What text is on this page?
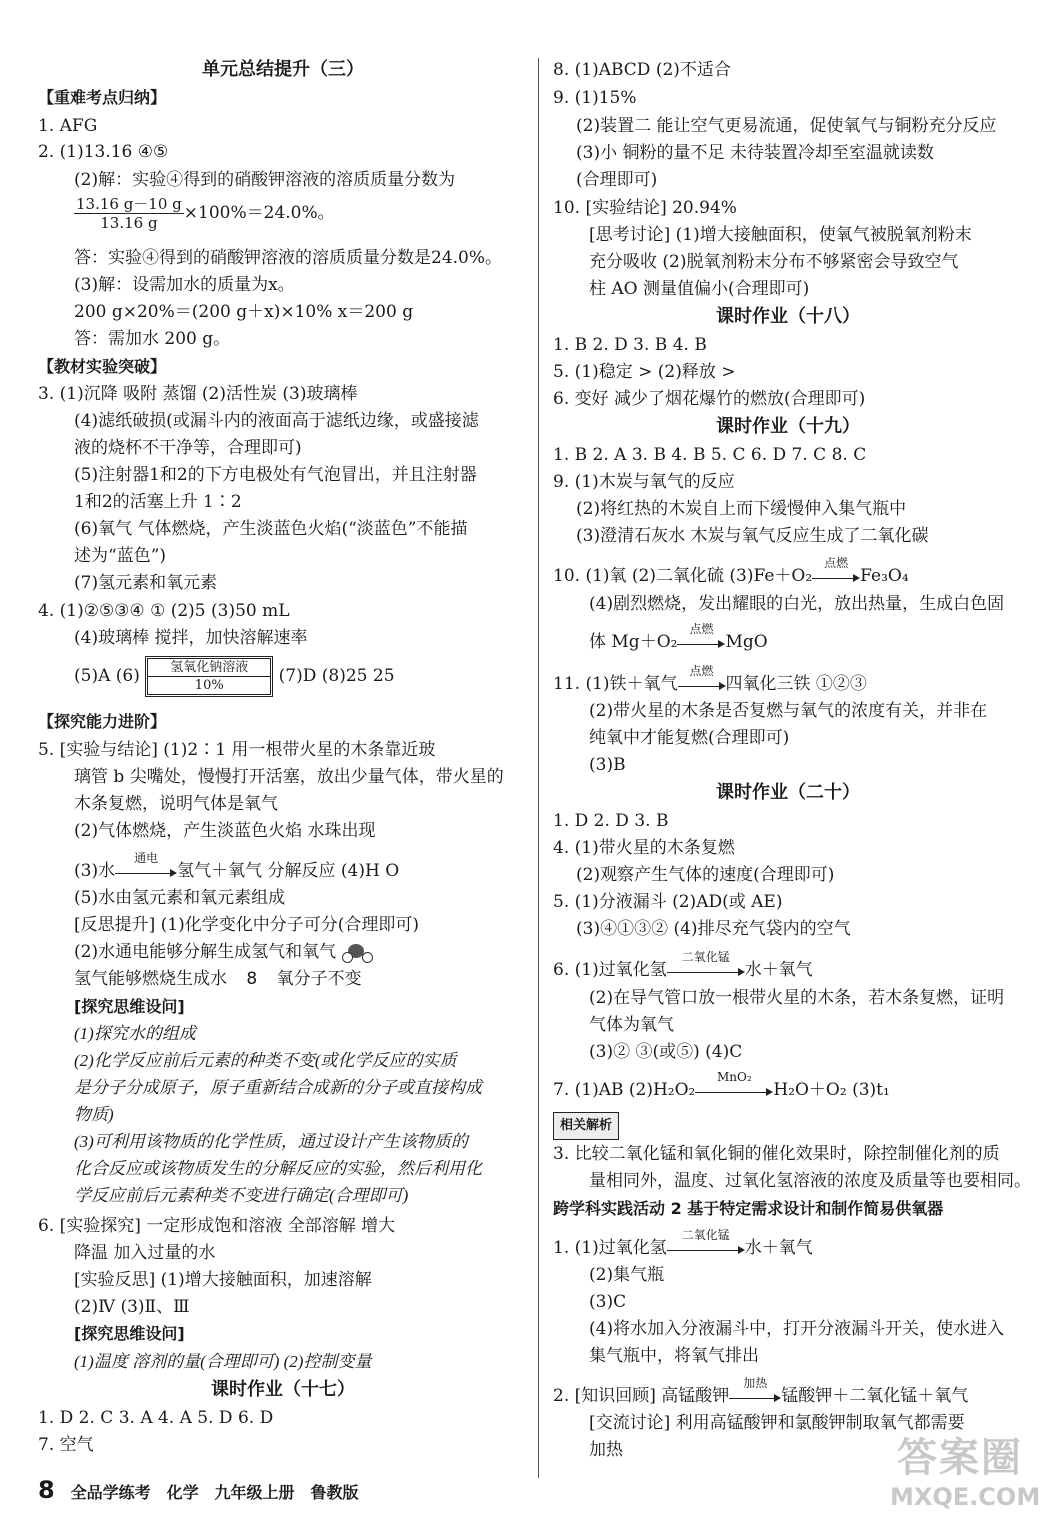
单元总结提升（三）
【重难考点归纳】
1. AFG
2. (1)13.16 ④⑤
(2)解：实验④得到的硝酸钾溶液的溶质质量分数为
$\frac{13.16 g-10 g}{13.16 g} \times 100\%=24.0\%$。
答：实验④得到的硝酸钾溶液的溶质质量分数是24.0%。
(3)解：设需加水的质量为x。
200 g×20%＝(200 g＋x)×10% x＝200 g
答：需加水 200 g。
【教材实验突破】
3. (1)沉降 吸附 蒸馏 (2)活性炭 (3)玻璃棒
(4)滤纸破损(或漏斗内的液面高于滤纸边缘，或盛接滤
液的烧杯不干净等，合理即可)
(5)注射器1和2的下方电极处有气泡冒出，并且注射器
1和2的活塞上升 1∶2
(6)氧气 气体燃烧，产生淡蓝色火焰(“淡蓝色”不能描
述为“蓝色”)
(7)氢元素和氧元素
4. (1)②⑤③④ ① (2)5 (3)50 mL
(4)玻璃棒 搅拌，加快溶解速率
(5)A (6)	氢氧化钠溶液
10%	(7)D (8)25 25
【探究能力进阶】
5. [实验与结论] (1)2∶1 用一根带火星的木条靠近玻
璃管 b 尖嘴处，慢慢打开活塞，放出少量气体，带火星的
木条复燃，说明气体是氧气
(2)气体燃烧，产生淡蓝色火焰 水珠出现
(3)水
通电
氢气＋氧气 分解反应 (4)H O
(5)水由氢元素和氧元素组成
[反思提升] (1)化学变化中分子可分(合理即可)
(2)水通电能够分解生成氢气和氧气
氢气能够燃烧生成水 8 氧分子不变
[探究思维设问]
(1)探究水的组成
(2)化学反应前后元素的种类不变(或化学反应的实质
是分子分成原子，原子重新结合成新的分子或直接构成
物质)
(3)可利用该物质的化学性质，通过设计产生该物质的
化合反应或该物质发生的分解反应的实验，然后利用化
学反应前后元素种类不变进行确定(合理即可)
6. [实验探究] 一定形成饱和溶液 全部溶解 增大
降温 加入过量的水
[实验反思] (1)增大接触面积，加速溶解
(2)Ⅳ (3)Ⅱ、Ⅲ
[探究思维设问]
(1)温度 溶剂的量(合理即可) (2)控制变量
课时作业（十七）
1. D 2. C 3. A 4. A 5. D 6. D
7. 空气
8. (1)ABCD (2)不适合
9. (1)15%
(2)装置二 能让空气更易流通，促使氧气与铜粉充分反应
(3)小 铜粉的量不足 未待装置冷却至室温就读数
(合理即可)
10. [实验结论] 20.94%
[思考讨论] (1)增大接触面积，使氧气被脱氧剂粉末
充分吸收 (2)脱氧剂粉末分布不够紧密会导致空气
柱 AO 测量值偏小(合理即可)
课时作业（十八）
1. B 2. D 3. B 4. B
5. (1)稳定 > (2)释放 >
6. 变好 减少了烟花爆竹的燃放(合理即可)
课时作业（十九）
1. B 2. A 3. B 4. B 5. C 6. D 7. C 8. C
9. (1)木炭与氧气的反应
(2)将红热的木炭自上而下缓慢伸入集气瓶中
(3)澄清石灰水 木炭与氧气反应生成了二氧化碳
10. (1)氧 (2)二氧化硫 (3)Fe＋O₂
点燃
Fe₃O₄
(4)剧烈燃烧，发出耀眼的白光，放出热量，生成白色固
体 Mg＋O₂
点燃
MgO
11. (1)铁＋氧气
点燃
四氧化三铁 ①②③
(2)带火星的木条是否复燃与氧气的浓度有关，并非在
纯氧中才能复燃(合理即可)
(3)B
课时作业（二十）
1. D 2. D 3. B
4. (1)带火星的木条复燃
(2)观察产生气体的速度(合理即可)
5. (1)分液漏斗 (2)AD(或 AE)
(3)④①③② (4)排尽充气袋内的空气
6. (1)过氧化氢
二氧化锰
水＋氧气
(2)在导气管口放一根带火星的木条，若木条复燃，证明
气体为氧气
(3)② ③(或⑤) (4)C
7. (1)AB (2)H₂O₂
MnO₂
H₂O＋O₂ (3)t₁
相关解析
3. 比较二氧化锰和氧化铜的催化效果时，除控制催化剂的质
量相同外，温度、过氧化氢溶液的浓度及质量等也要相同。
跨学科实践活动 2 基于特定需求设计和制作简易供氧器
1. (1)过氧化氢
二氧化锰
水＋氧气
(2)集气瓶
(3)C
(4)将水加入分液漏斗中，打开分液漏斗开关，使水进入
集气瓶中，将氧气排出
2. [知识回顾] 高锰酸钾
加热
锰酸钾＋二氧化锰＋氧气
[交流讨论] 利用高锰酸钾和氯酸钾制取氧气都需要
加热
8 全品学练考 化学 九年级上册 鲁教版
答案圈
MXQE.COM
